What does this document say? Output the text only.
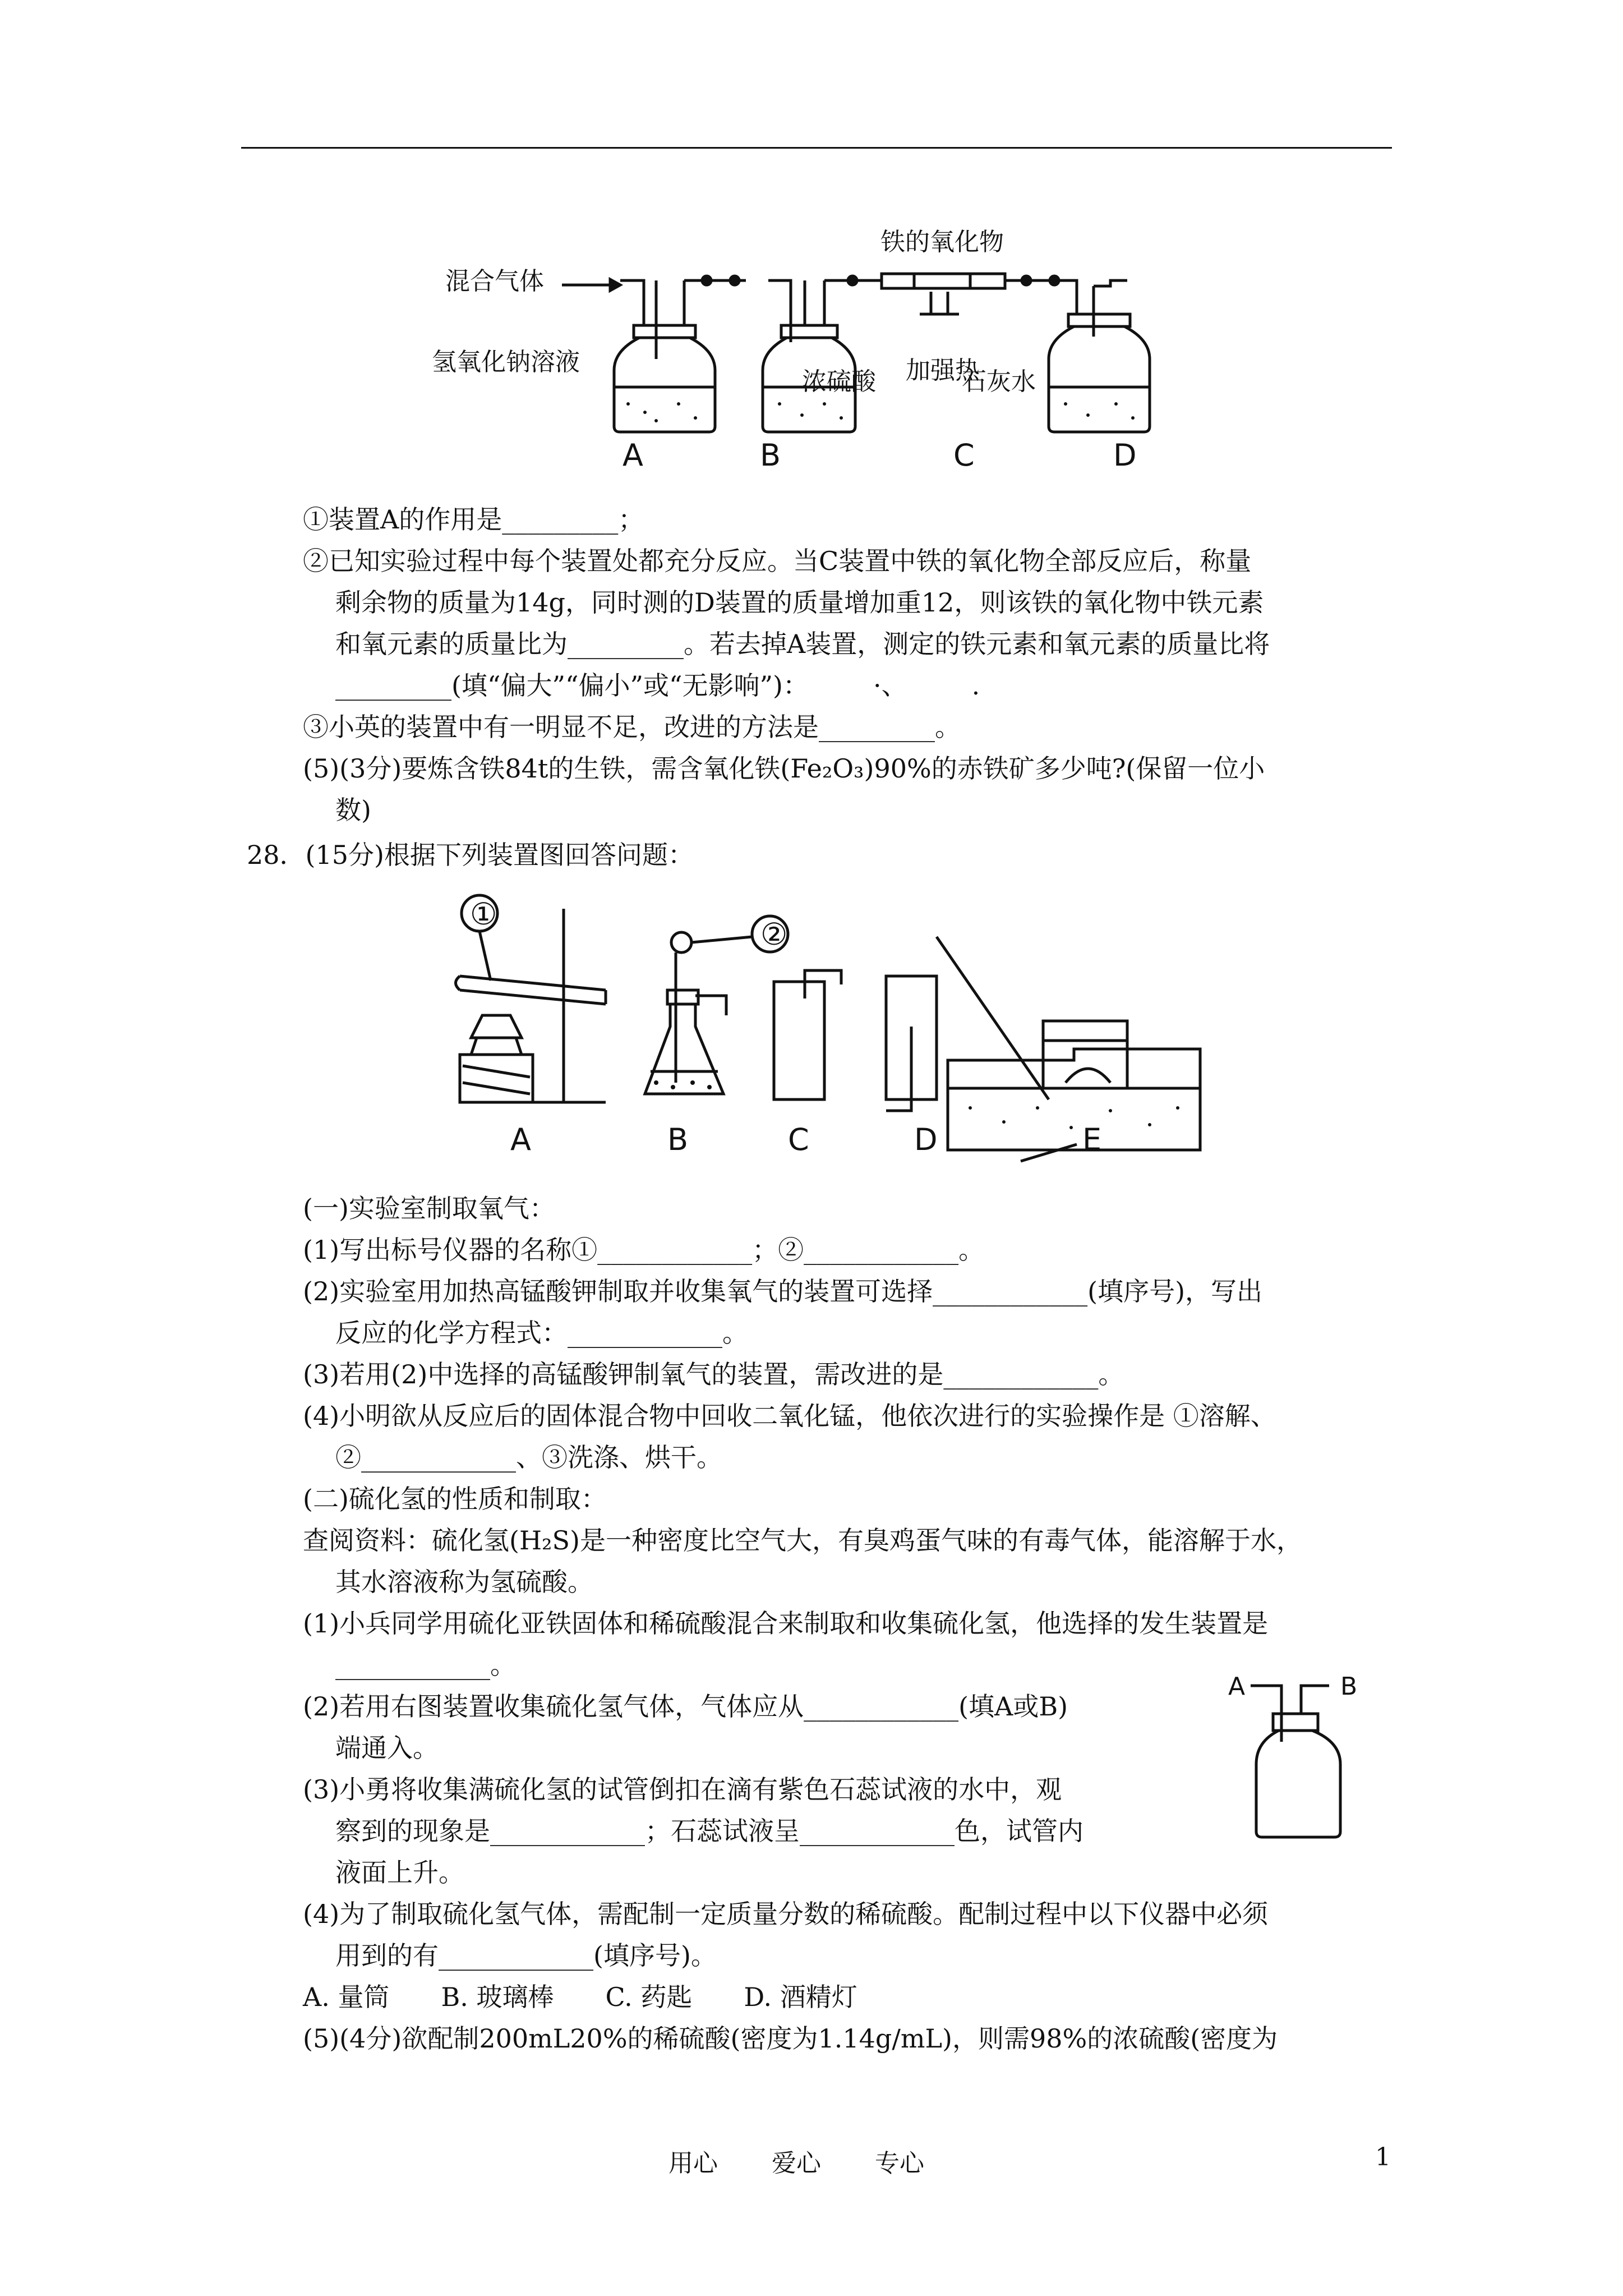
混合气体
铁的氧化物
氢氧化钠溶液
浓硫酸 加强热
石灰水
A	B	C	D
①装置A的作用是_________；
②已知实验过程中每个装置处都充分反应。当C装置中铁的氧化物全部反应后，称量
剩余物的质量为14g，同时测的D装置的质量增加重12，则该铁的氧化物中铁元素
和氧元素的质量比为_________。若去掉A装置，测定的铁元素和氧元素的质量比将
_________(填“偏大”“偏小”或“无影响”)：　　　·、　　　.
③小英的装置中有一明显不足，改进的方法是_________。
(5)(3分)要炼含铁84t的生铁，需含氧化铁(Fe₂O₃)90%的赤铁矿多少吨?(保留一位小
数)
28．(15分)根据下列装置图回答问题：
①
②
A	B	C	D	E
(一)实验室制取氧气：
(1)写出标号仪器的名称①____________；②____________。
(2)实验室用加热高锰酸钾制取并收集氧气的装置可选择____________(填序号)，写出
反应的化学方程式：____________。
(3)若用(2)中选择的高锰酸钾制氧气的装置，需改进的是____________。
(4)小明欲从反应后的固体混合物中回收二氧化锰，他依次进行的实验操作是 ①溶解、
②____________、③洗涤、烘干。
(二)硫化氢的性质和制取：
查阅资料：硫化氢(H₂S)是一种密度比空气大，有臭鸡蛋气味的有毒气体，能溶解于水，
其水溶液称为氢硫酸。
(1)小兵同学用硫化亚铁固体和稀硫酸混合来制取和收集硫化氢，他选择的发生装置是
____________。
(2)若用右图装置收集硫化氢气体，气体应从____________(填A或B)
端通入。
(3)小勇将收集满硫化氢的试管倒扣在滴有紫色石蕊试液的水中，观
察到的现象是____________；石蕊试液呈____________色，试管内
液面上升。
(4)为了制取硫化氢气体，需配制一定质量分数的稀硫酸。配制过程中以下仪器中必须
用到的有____________(填序号)。
A. 量筒　　B. 玻璃棒　　C. 药匙　　D. 酒精灯
(5)(4分)欲配制200mL20%的稀硫酸(密度为1.14g/mL)，则需98%的浓硫酸(密度为
A	B
用心 爱心 专心	1
